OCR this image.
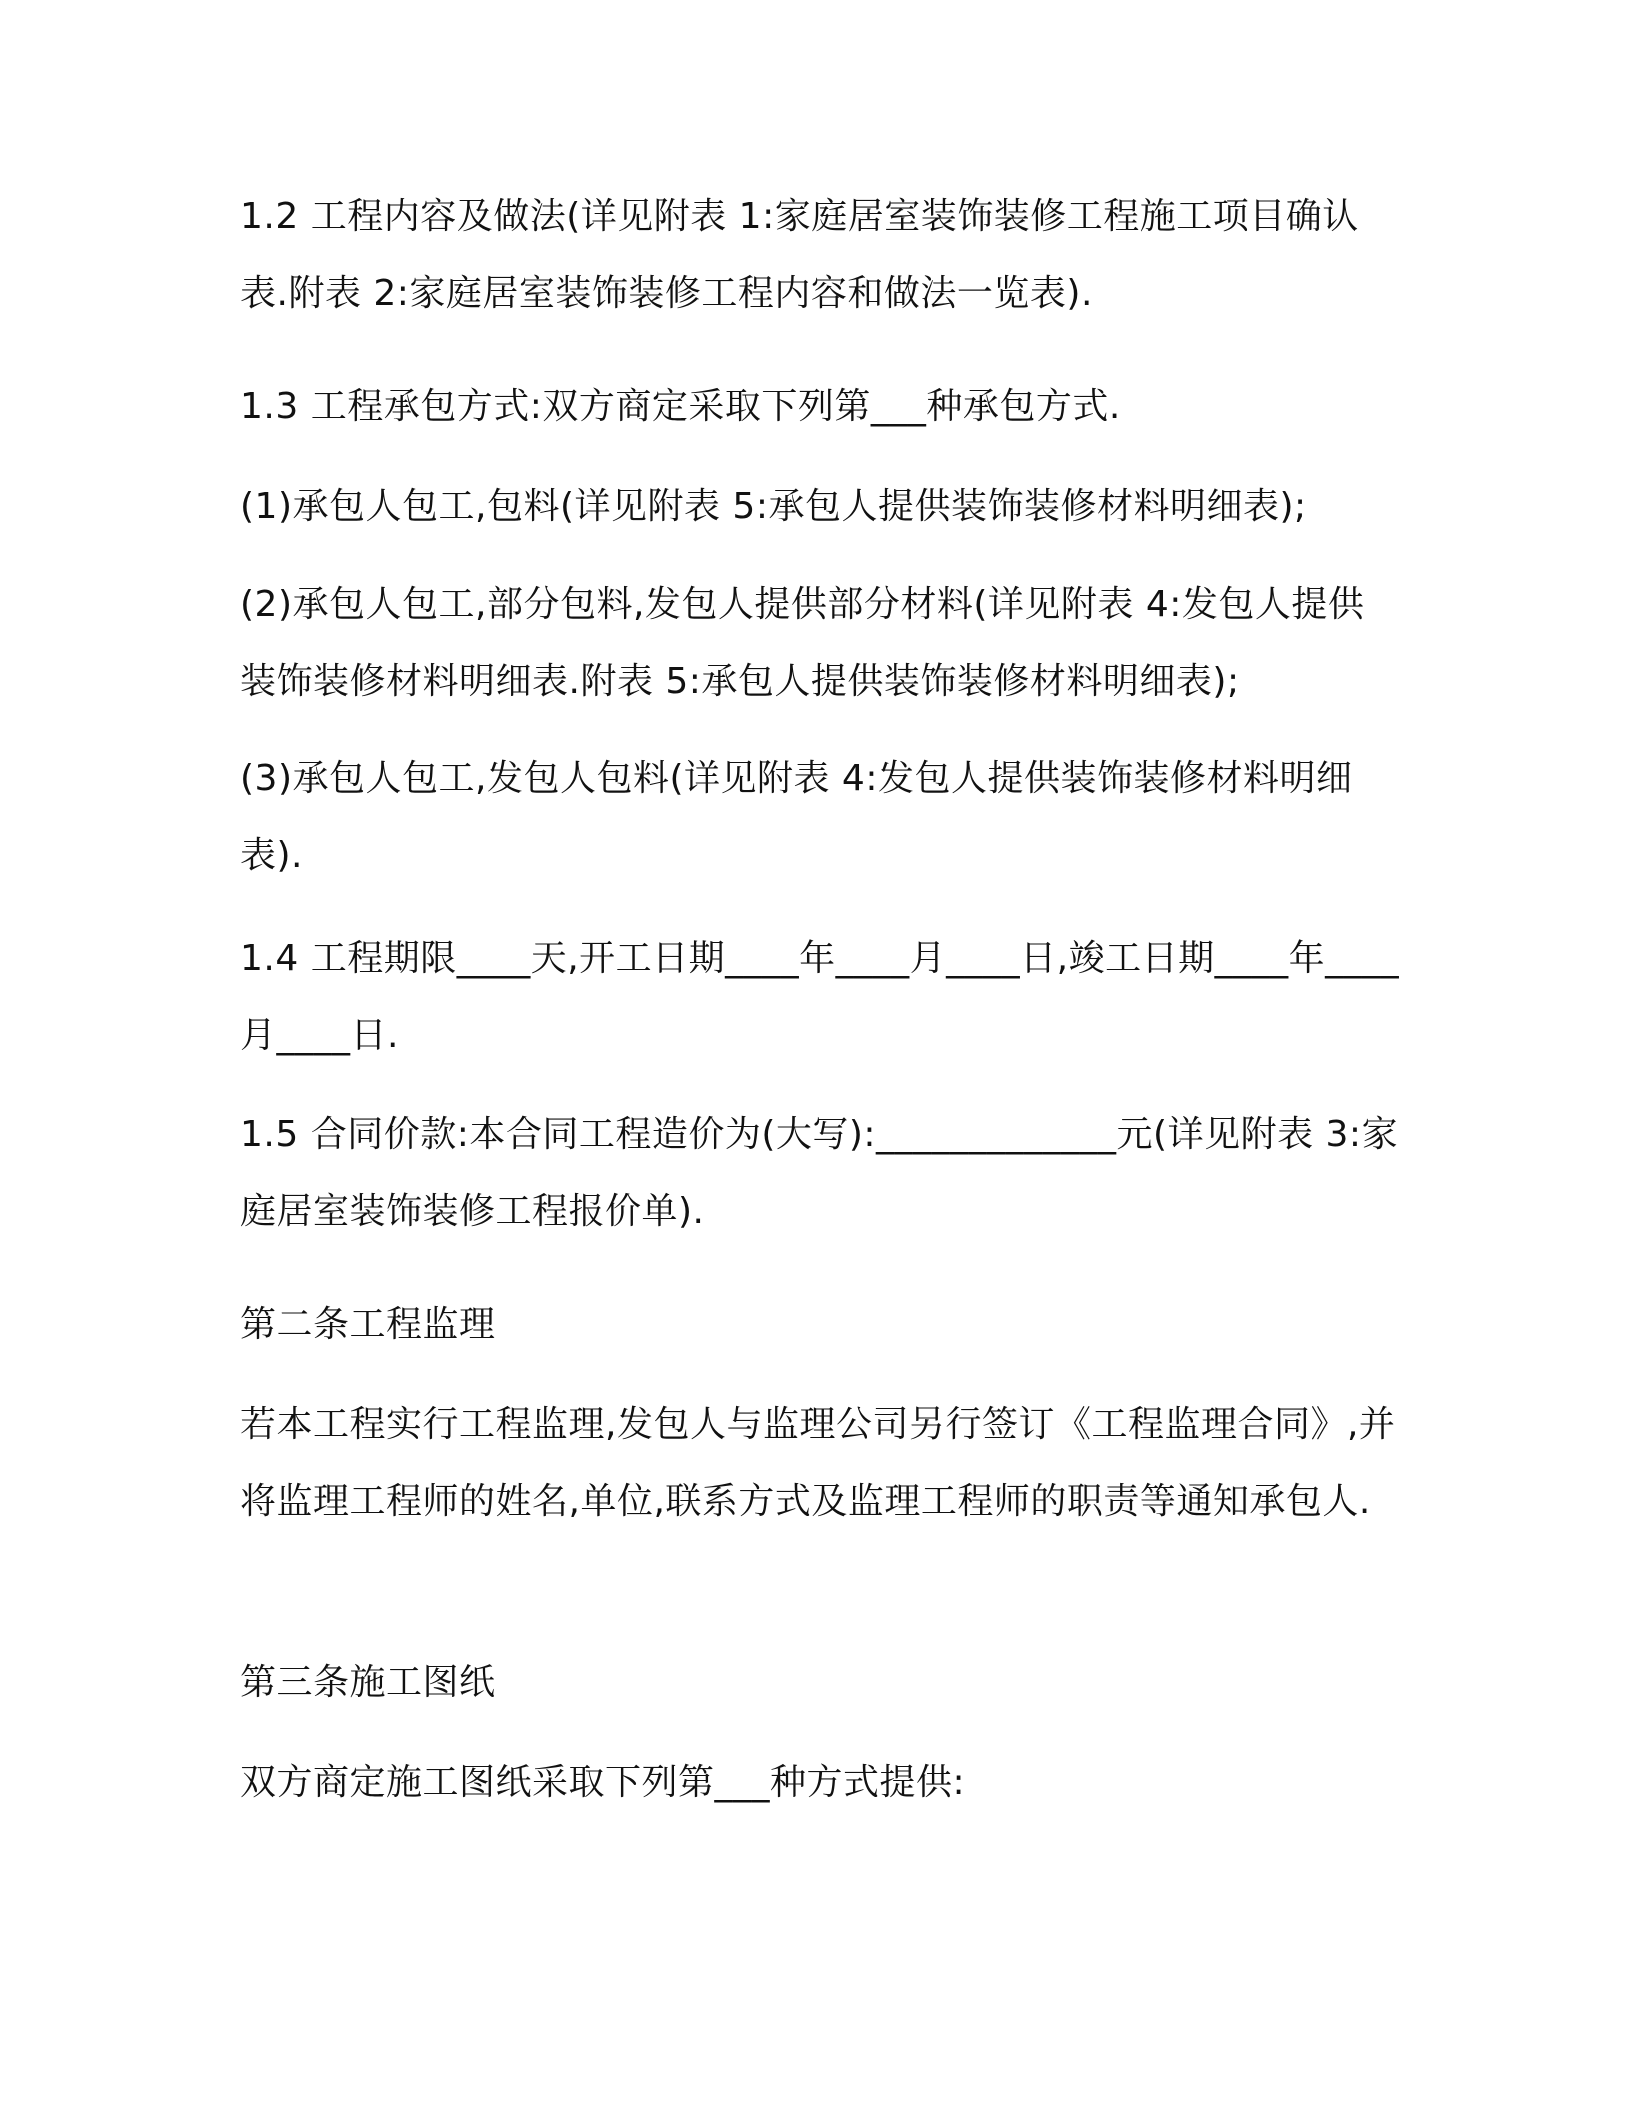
1.2 工程内容及做法(详见附表 1:家庭居室装饰装修工程施工项目确认表.附表 2:家庭居室装饰装修工程内容和做法一览表).

1.3 工程承包方式:双方商定采取下列第___种承包方式.

(1)承包人包工,包料(详见附表 5:承包人提供装饰装修材料明细表);

(2)承包人包工,部分包料,发包人提供部分材料(详见附表 4:发包人提供装饰装修材料明细表.附表 5:承包人提供装饰装修材料明细表);

(3)承包人包工,发包人包料(详见附表 4:发包人提供装饰装修材料明细表).

1.4 工程期限____天,开工日期____年____月____日,竣工日期____年____月____日.

1.5 合同价款:本合同工程造价为(大写):_____________元(详见附表 3:家庭居室装饰装修工程报价单).

第二条工程监理

若本工程实行工程监理,发包人与监理公司另行签订《工程监理合同》,并将监理工程师的姓名,单位,联系方式及监理工程师的职责等通知承包人.

第三条施工图纸

双方商定施工图纸采取下列第___种方式提供:
